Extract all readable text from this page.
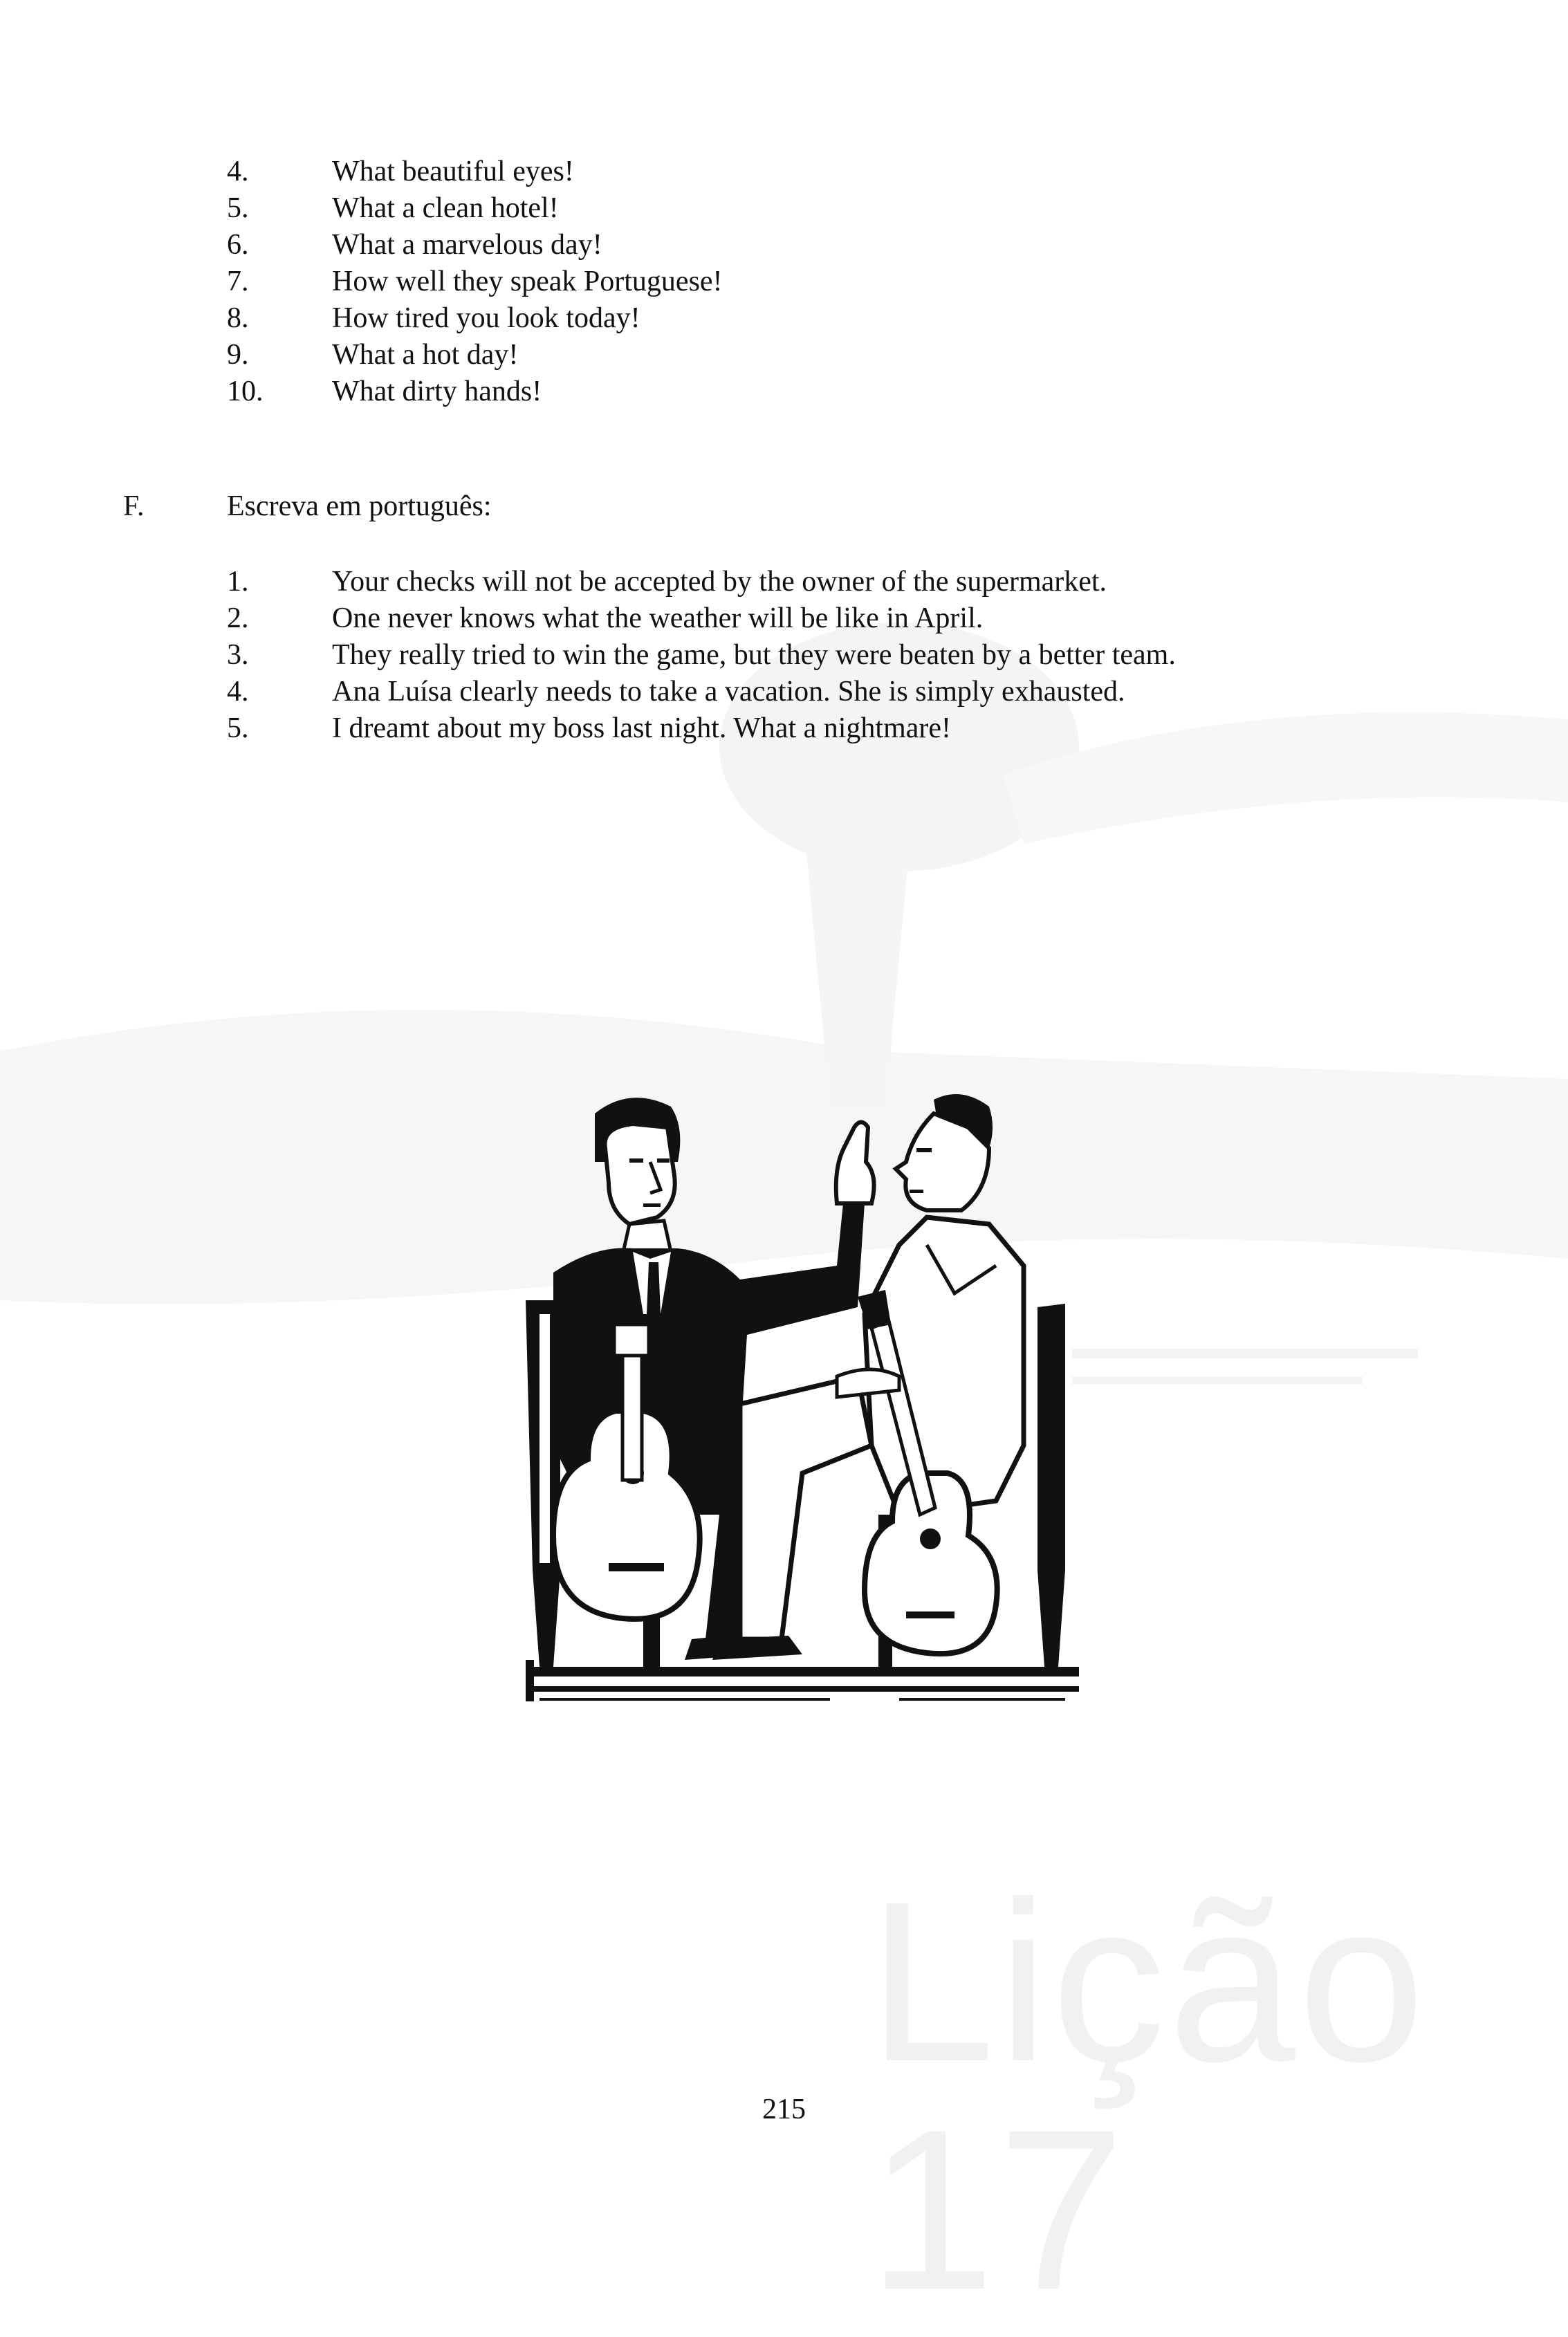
Lição 17
4.	What beautiful eyes!
5.	What a clean hotel!
6.	What a marvelous day!
7.	How well they speak Portuguese!
8.	How tired you look today!
9.	What a hot day!
10. What dirty hands!
F.	Escreva em português:
1.	Your checks will not be accepted by the owner of the supermarket.
2.	One never knows what the weather will be like in April.
3.	They really tried to win the game, but they were beaten by a better team.
4.	Ana Luísa clearly needs to take a vacation. She is simply exhausted.
5.	I dreamt about my boss last night. What a nightmare!
215
